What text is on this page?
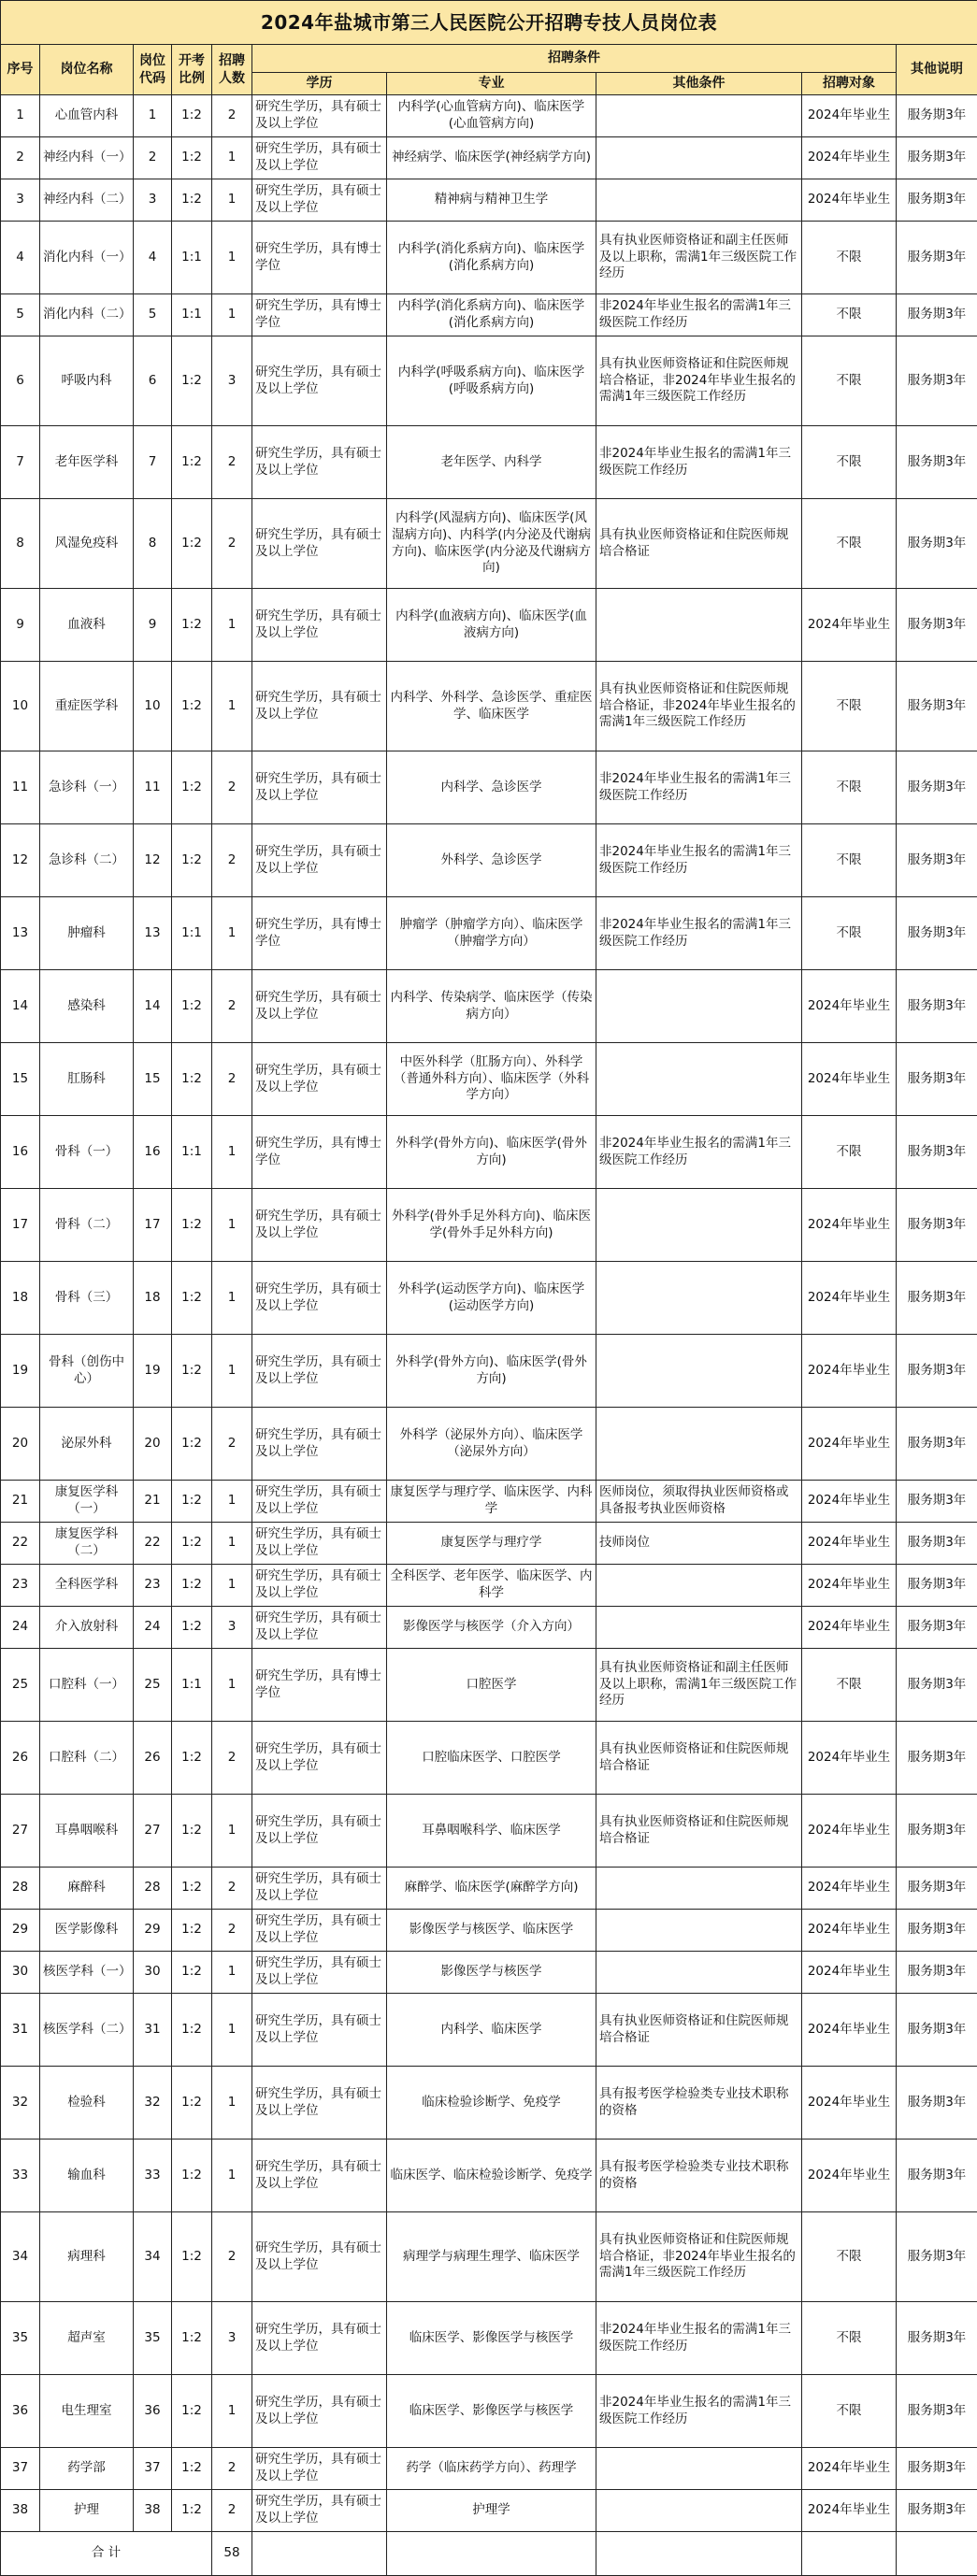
2024年盐城市第三人民医院公开招聘专技人员岗位表									
序号	岗位名称	岗位代码	开考比例	招聘人数	招聘条件				其他说明
					学历	专业	其他条件	招聘对象	
1	心血管内科	1	1:2	2	研究生学历，具有硕士及以上学位	内科学(心血管病方向)、临床医学(心血管病方向)		2024年毕业生	服务期3年
2	神经内科（一）	2	1:2	1	研究生学历，具有硕士及以上学位	神经病学、临床医学(神经病学方向)		2024年毕业生	服务期3年
3	神经内科（二）	3	1:2	1	研究生学历，具有硕士及以上学位	精神病与精神卫生学		2024年毕业生	服务期3年
4	消化内科（一）	4	1:1	1	研究生学历，具有博士学位	内科学(消化系病方向)、临床医学(消化系病方向)	具有执业医师资格证和副主任医师及以上职称，需满1年三级医院工作经历	不限	服务期3年
5	消化内科（二）	5	1:1	1	研究生学历，具有博士学位	内科学(消化系病方向)、临床医学(消化系病方向)	非2024年毕业生报名的需满1年三级医院工作经历	不限	服务期3年
6	呼吸内科	6	1:2	3	研究生学历，具有硕士及以上学位	内科学(呼吸系病方向)、临床医学(呼吸系病方向)	具有执业医师资格证和住院医师规培合格证，非2024年毕业生报名的需满1年三级医院工作经历	不限	服务期3年
7	老年医学科	7	1:2	2	研究生学历，具有硕士及以上学位	老年医学、内科学	非2024年毕业生报名的需满1年三级医院工作经历	不限	服务期3年
8	风湿免疫科	8	1:2	2	研究生学历，具有硕士及以上学位	内科学(风湿病方向)、临床医学(风湿病方向)、内科学(内分泌及代谢病方向)、临床医学(内分泌及代谢病方向)	具有执业医师资格证和住院医师规培合格证	不限	服务期3年
9	血液科	9	1:2	1	研究生学历，具有硕士及以上学位	内科学(血液病方向)、临床医学(血液病方向)		2024年毕业生	服务期3年
10	重症医学科	10	1:2	1	研究生学历，具有硕士及以上学位	内科学、外科学、急诊医学、重症医学、临床医学	具有执业医师资格证和住院医师规培合格证，非2024年毕业生报名的需满1年三级医院工作经历	不限	服务期3年
11	急诊科（一）	11	1:2	2	研究生学历，具有硕士及以上学位	内科学、急诊医学	非2024年毕业生报名的需满1年三级医院工作经历	不限	服务期3年
12	急诊科（二）	12	1:2	2	研究生学历，具有硕士及以上学位	外科学、急诊医学	非2024年毕业生报名的需满1年三级医院工作经历	不限	服务期3年
13	肿瘤科	13	1:1	1	研究生学历，具有博士学位	肿瘤学（肿瘤学方向）、临床医学（肿瘤学方向）	非2024年毕业生报名的需满1年三级医院工作经历	不限	服务期3年
14	感染科	14	1:2	2	研究生学历，具有硕士及以上学位	内科学、传染病学、临床医学（传染病方向）		2024年毕业生	服务期3年
15	肛肠科	15	1:2	2	研究生学历，具有硕士及以上学位	中医外科学（肛肠方向）、外科学（普通外科方向）、临床医学（外科学方向）		2024年毕业生	服务期3年
16	骨科（一）	16	1:1	1	研究生学历，具有博士学位	外科学(骨外方向)、临床医学(骨外方向)	非2024年毕业生报名的需满1年三级医院工作经历	不限	服务期3年
17	骨科（二）	17	1:2	1	研究生学历，具有硕士及以上学位	外科学(骨外手足外科方向)、临床医学(骨外手足外科方向)		2024年毕业生	服务期3年
18	骨科（三）	18	1:2	1	研究生学历，具有硕士及以上学位	外科学(运动医学方向)、临床医学(运动医学方向)		2024年毕业生	服务期3年
19	骨科（创伤中心）	19	1:2	1	研究生学历，具有硕士及以上学位	外科学(骨外方向)、临床医学(骨外方向)		2024年毕业生	服务期3年
20	泌尿外科	20	1:2	2	研究生学历，具有硕士及以上学位	外科学（泌尿外方向）、临床医学（泌尿外方向）		2024年毕业生	服务期3年
21	康复医学科（一）	21	1:2	1	研究生学历，具有硕士及以上学位	康复医学与理疗学、临床医学、内科学	医师岗位，须取得执业医师资格或具备报考执业医师资格	2024年毕业生	服务期3年
22	康复医学科（二）	22	1:2	1	研究生学历，具有硕士及以上学位	康复医学与理疗学	技师岗位	2024年毕业生	服务期3年
23	全科医学科	23	1:2	1	研究生学历，具有硕士及以上学位	全科医学、老年医学、临床医学、内科学		2024年毕业生	服务期3年
24	介入放射科	24	1:2	3	研究生学历，具有硕士及以上学位	影像医学与核医学（介入方向）		2024年毕业生	服务期3年
25	口腔科（一）	25	1:1	1	研究生学历，具有博士学位	口腔医学	具有执业医师资格证和副主任医师及以上职称，需满1年三级医院工作经历	不限	服务期3年
26	口腔科（二）	26	1:2	2	研究生学历，具有硕士及以上学位	口腔临床医学、口腔医学	具有执业医师资格证和住院医师规培合格证	2024年毕业生	服务期3年
27	耳鼻咽喉科	27	1:2	1	研究生学历，具有硕士及以上学位	耳鼻咽喉科学、临床医学	具有执业医师资格证和住院医师规培合格证	2024年毕业生	服务期3年
28	麻醉科	28	1:2	2	研究生学历，具有硕士及以上学位	麻醉学、临床医学(麻醉学方向)		2024年毕业生	服务期3年
29	医学影像科	29	1:2	2	研究生学历，具有硕士及以上学位	影像医学与核医学、临床医学		2024年毕业生	服务期3年
30	核医学科（一）	30	1:2	1	研究生学历，具有硕士及以上学位	影像医学与核医学		2024年毕业生	服务期3年
31	核医学科（二）	31	1:2	1	研究生学历，具有硕士及以上学位	内科学、临床医学	具有执业医师资格证和住院医师规培合格证	2024年毕业生	服务期3年
32	检验科	32	1:2	1	研究生学历，具有硕士及以上学位	临床检验诊断学、免疫学	具有报考医学检验类专业技术职称的资格	2024年毕业生	服务期3年
33	输血科	33	1:2	1	研究生学历，具有硕士及以上学位	临床医学、临床检验诊断学、免疫学	具有报考医学检验类专业技术职称的资格	2024年毕业生	服务期3年
34	病理科	34	1:2	2	研究生学历，具有硕士及以上学位	病理学与病理生理学、临床医学	具有执业医师资格证和住院医师规培合格证，非2024年毕业生报名的需满1年三级医院工作经历	不限	服务期3年
35	超声室	35	1:2	3	研究生学历，具有硕士及以上学位	临床医学、影像医学与核医学	非2024年毕业生报名的需满1年三级医院工作经历	不限	服务期3年
36	电生理室	36	1:2	1	研究生学历，具有硕士及以上学位	临床医学、影像医学与核医学	非2024年毕业生报名的需满1年三级医院工作经历	不限	服务期3年
37	药学部	37	1:2	2	研究生学历，具有硕士及以上学位	药学（临床药学方向）、药理学		2024年毕业生	服务期3年
38	护理	38	1:2	2	研究生学历，具有硕士及以上学位	护理学		2024年毕业生	服务期3年
合 计				58					
